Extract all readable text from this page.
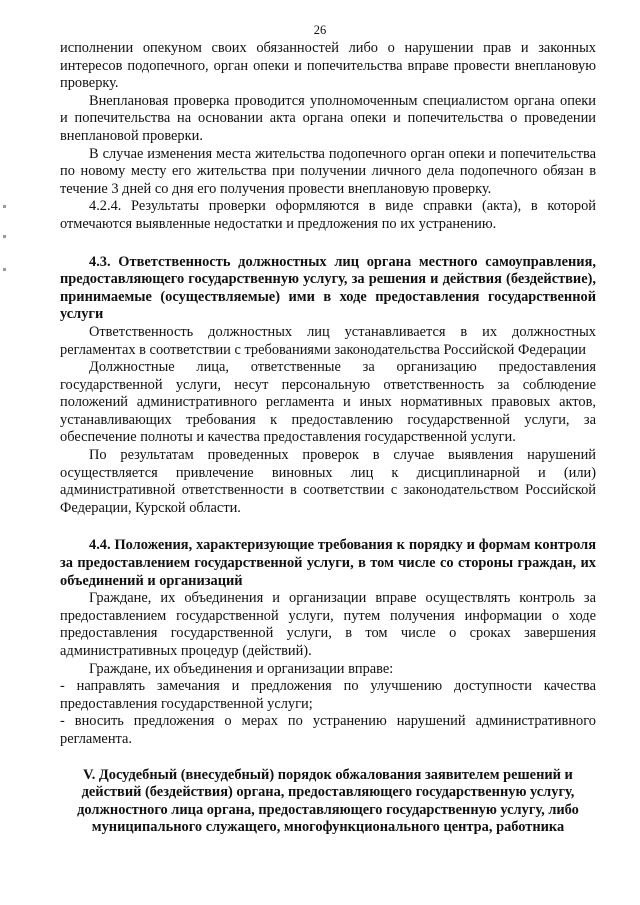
26

исполнении опекуном своих обязанностей либо о нарушении прав и законных интересов подопечного, орган опеки и попечительства вправе провести внеплановую проверку.

Внеплановая проверка проводится уполномоченным специалистом органа опеки и попечительства на основании акта органа опеки и попечительства о проведении внеплановой проверки.

В случае изменения места жительства подопечного орган опеки и попечительства по новому месту его жительства при получении личного дела подопечного обязан в течение 3 дней со дня его получения провести внеплановую проверку.

4.2.4. Результаты проверки оформляются в виде справки (акта), в которой отмечаются выявленные недостатки и предложения по их устранению.

4.3. Ответственность должностных лиц органа местного самоуправления, предоставляющего государственную услугу, за решения и действия (бездействие), принимаемые (осуществляемые) ими в ходе предоставления государственной услуги

Ответственность должностных лиц устанавливается в их должностных регламентах в соответствии с требованиями законодательства Российской Федерации

Должностные лица, ответственные за организацию предоставления государственной услуги, несут персональную ответственность за соблюдение положений административного регламента и иных нормативных правовых актов, устанавливающих требования к предоставлению государственной услуги, за обеспечение полноты и качества предоставления государственной услуги.

По результатам проведенных проверок в случае выявления нарушений осуществляется привлечение виновных лиц к дисциплинарной и (или) административной ответственности в соответствии с законодательством Российской Федерации, Курской области.

4.4. Положения, характеризующие требования к порядку и формам контроля за предоставлением государственной услуги, в том числе со стороны граждан, их объединений и организаций

Граждане, их объединения и организации вправе осуществлять контроль за предоставлением государственной услуги, путем получения информации о ходе предоставления государственной услуги, в том числе о сроках завершения административных процедур (действий).

Граждане, их объединения и организации вправе:

- направлять замечания и предложения по улучшению доступности качества предоставления государственной услуги;

- вносить предложения о мерах по устранению нарушений административного регламента.

V. Досудебный (внесудебный) порядок обжалования заявителем решений и действий (бездействия) органа, предоставляющего государственную услугу, должностного лица органа, предоставляющего государственную услугу, либо муниципального служащего, многофункционального центра, работника
